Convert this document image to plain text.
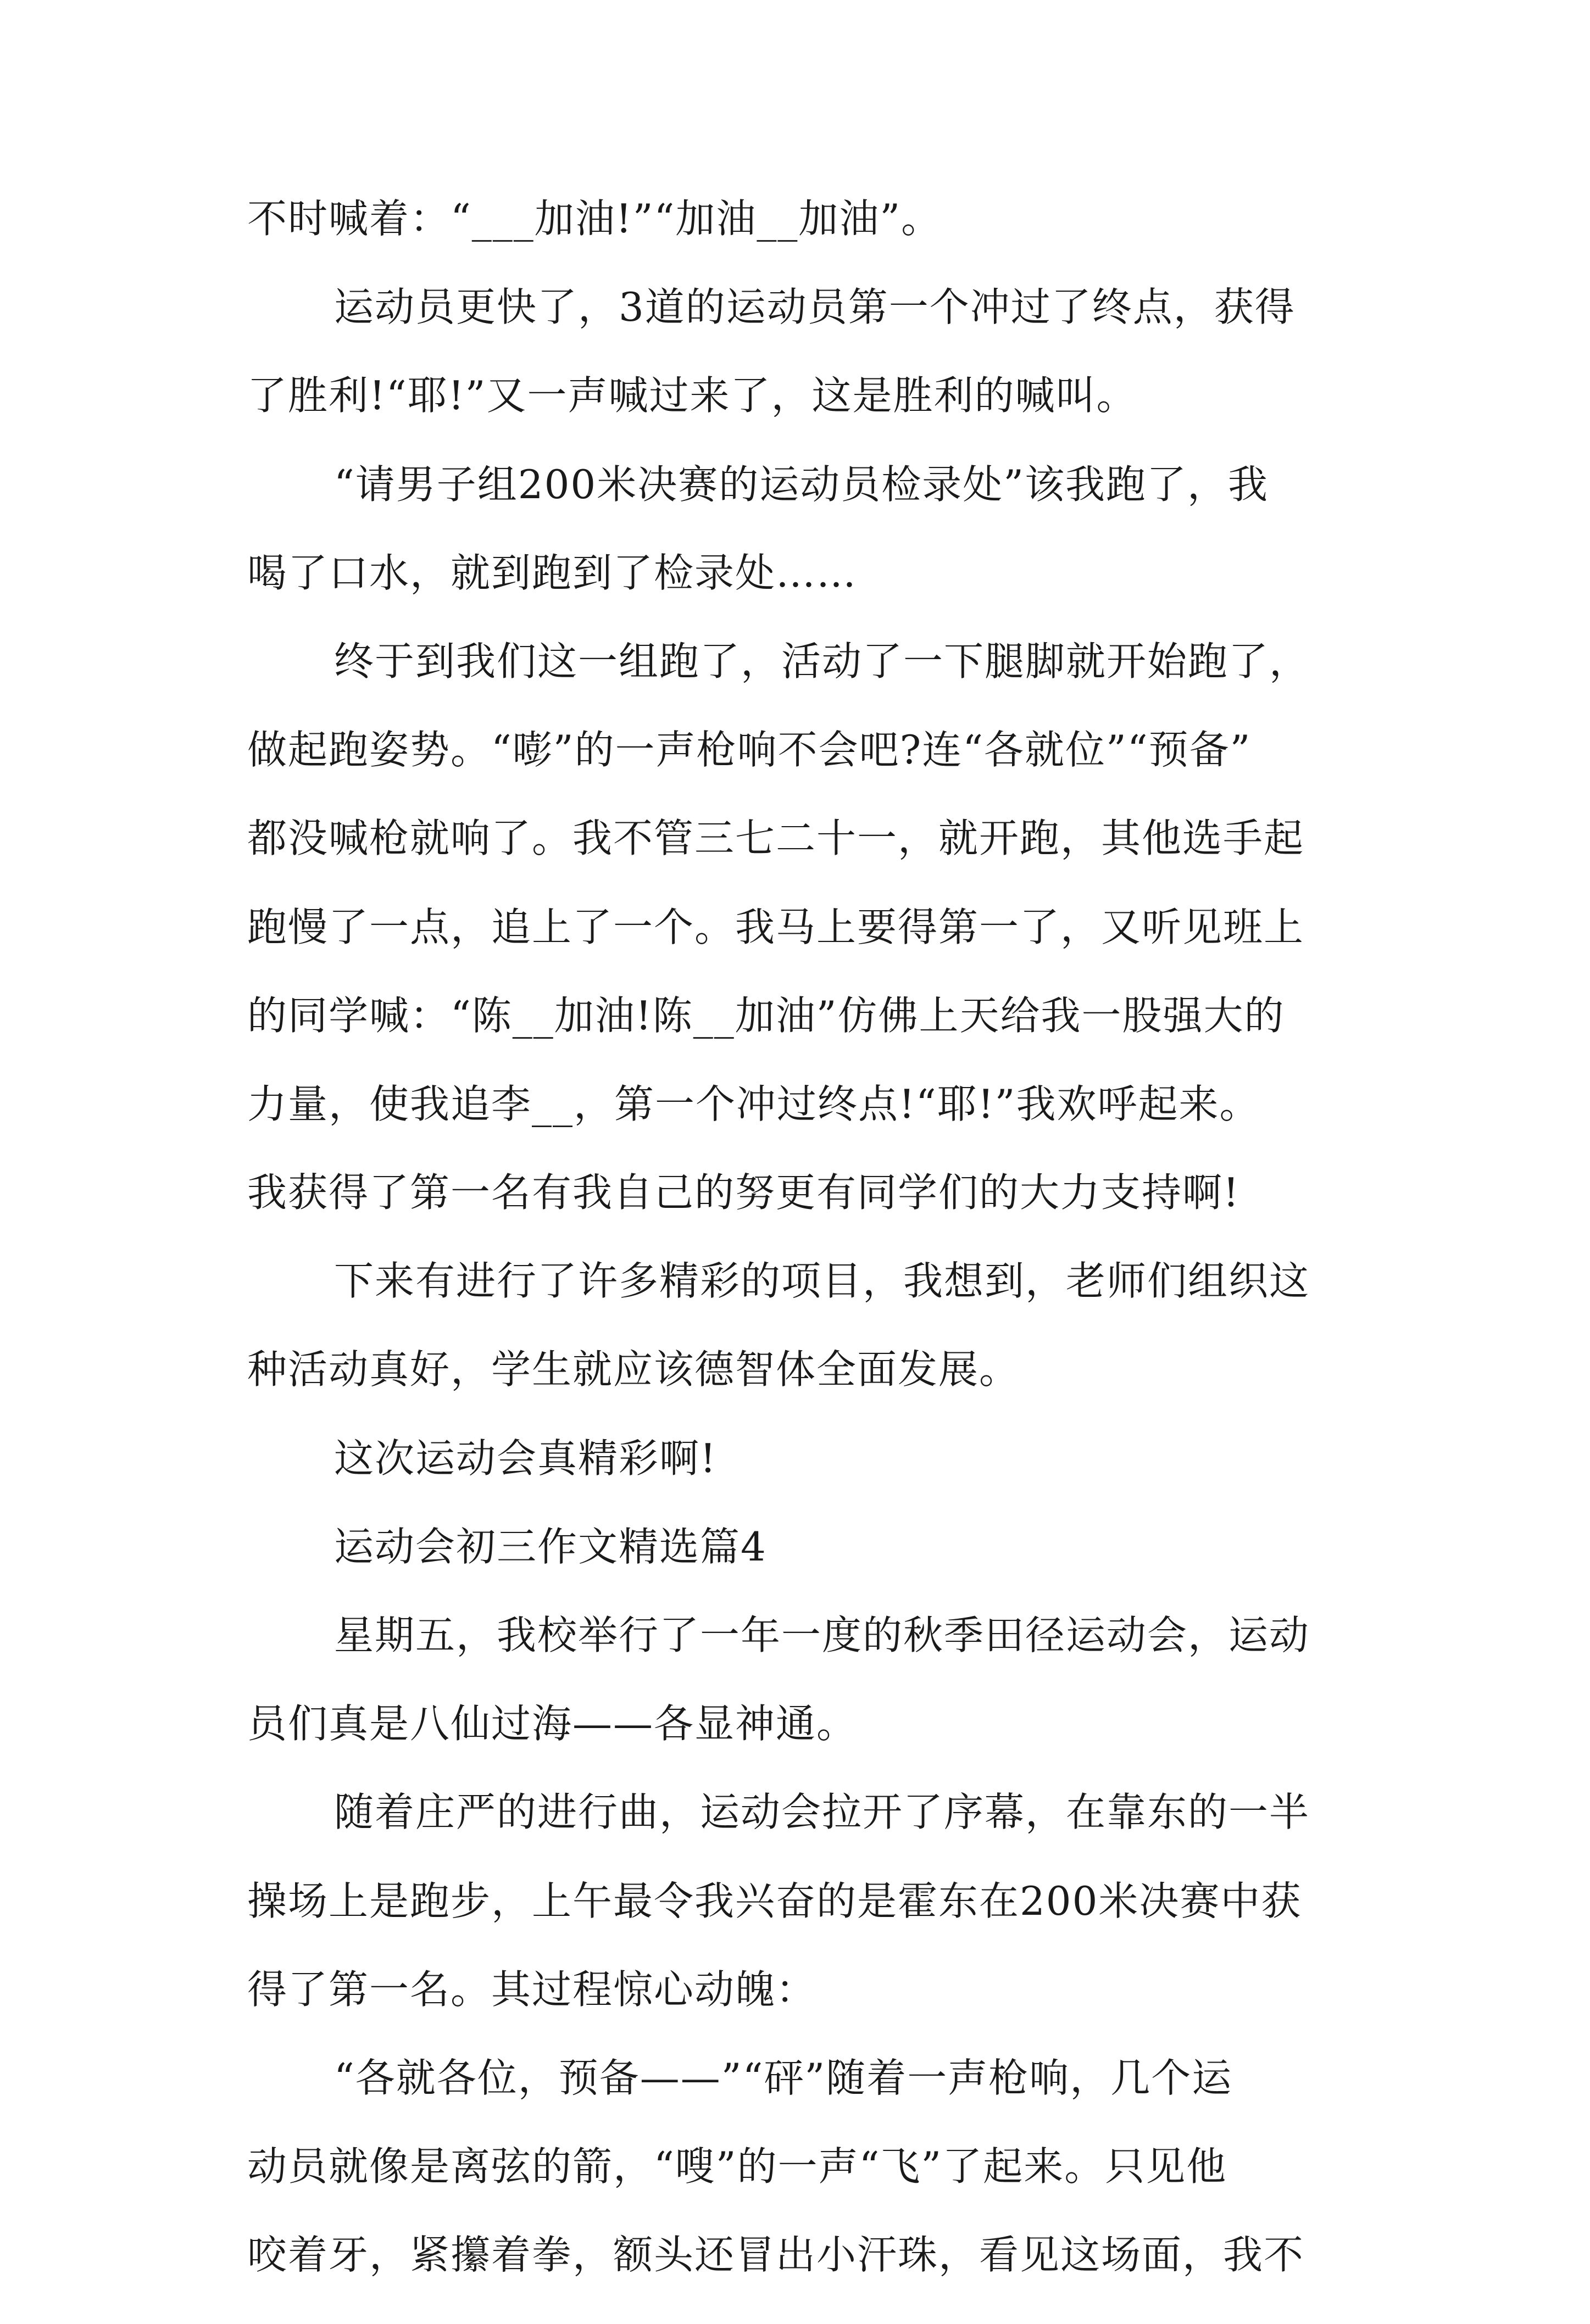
不时喊着：“___加油!”“加油__加油”。
运动员更快了，3道的运动员第一个冲过了终点，获得
了胜利!“耶!”又一声喊过来了，这是胜利的喊叫。
“请男子组200米决赛的运动员检录处”该我跑了，我
喝了口水，就到跑到了检录处……
终于到我们这一组跑了，活动了一下腿脚就开始跑了，
做起跑姿势。“嘭”的一声枪响不会吧?连“各就位”“预备”
都没喊枪就响了。我不管三七二十一，就开跑，其他选手起
跑慢了一点，追上了一个。我马上要得第一了，又听见班上
的同学喊：“陈__加油!陈__加油”仿佛上天给我一股强大的
力量，使我追李__，第一个冲过终点!“耶!”我欢呼起来。
我获得了第一名有我自己的努更有同学们的大力支持啊!
下来有进行了许多精彩的项目，我想到，老师们组织这
种活动真好，学生就应该德智体全面发展。
这次运动会真精彩啊!
运动会初三作文精选篇4
星期五，我校举行了一年一度的秋季田径运动会，运动
员们真是八仙过海——各显神通。
随着庄严的进行曲，运动会拉开了序幕，在靠东的一半
操场上是跑步，上午最令我兴奋的是霍东在200米决赛中获
得了第一名。其过程惊心动魄：
“各就各位，预备——”“砰”随着一声枪响，几个运
动员就像是离弦的箭，“嗖”的一声“飞”了起来。只见他
咬着牙，紧攥着拳，额头还冒出小汗珠，看见这场面，我不
